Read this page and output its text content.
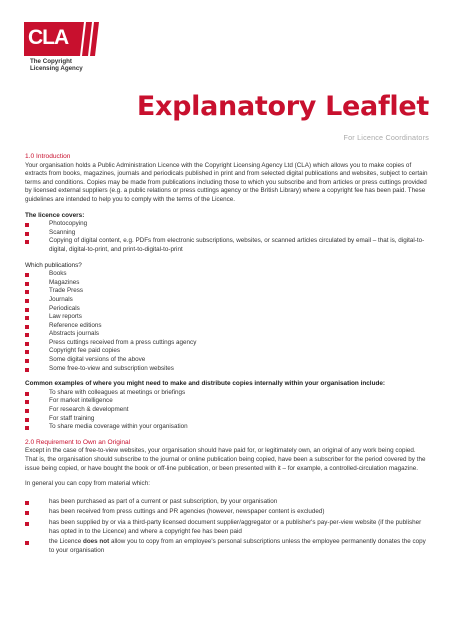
CLA
The Copyright
Licensing Agency
Explanatory Leaflet
For Licence Coordinators
1.0 Introduction

Your organisation holds a Public Administration Licence with the Copyright Licensing Agency Ltd (CLA) which allows you to make copies of extracts from books, magazines, journals and periodicals published in print and from selected digital publications and websites, subject to certain terms and conditions. Copies may be made from publications including those to which you subscribe and from articles or press cuttings provided by licensed external suppliers (e.g. a public relations or press cuttings agency or the British Library) where a copyright fee has been paid. These guidelines are intended to help you to comply with the terms of the Licence.

The licence covers:
Photocopying
Scanning
Copying of digital content, e.g. PDFs from electronic subscriptions, websites, or scanned articles circulated by email – that is, digital-to-digital, digital-to-print, and print-to-digital-to-print
Which publications?
Books
Magazines
Trade Press
Journals
Periodicals
Law reports
Reference editions
Abstracts journals
Press cuttings received from a press cuttings agency
Copyright fee paid copies
Some digital versions of the above
Some free-to-view and subscription websites
Common examples of where you might need to make and distribute copies internally within your organisation include:
To share with colleagues at meetings or briefings
For market intelligence
For research & development
For staff training
To share media coverage within your organisation
2.0 Requirement to Own an Original

Except in the case of free-to-view websites, your organisation should have paid for, or legitimately own, an original of any work being copied. That is, the organisation should subscribe to the journal or online publication being copied, have been a subscriber for the period covered by the issue being copied, or have bought the book or off-line publication, or been presented with it – for example, a controlled-circulation magazine.

In general you can copy from material which:

has been purchased as part of a current or past subscription, by your organisation
has been received from press cuttings and PR agencies (however, newspaper content is excluded)
has been supplied by or via a third-party licensed document supplier/aggregator or a publisher's pay-per-view website (if the publisher has opted in to the Licence) and where a copyright fee has been paid
the Licence does not allow you to copy from an employee's personal subscriptions unless the employee permanently donates the copy to your organisation
